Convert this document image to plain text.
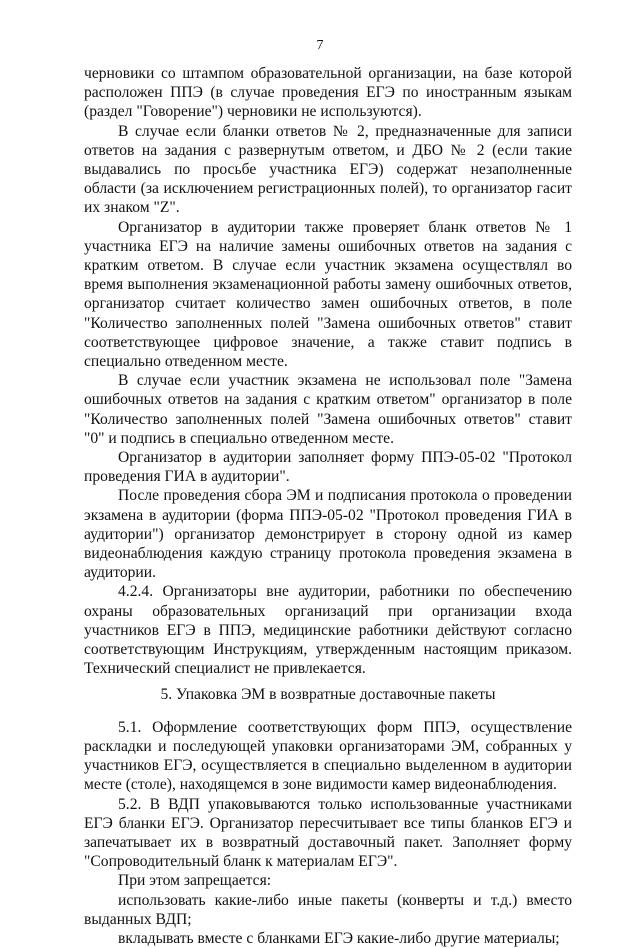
7

черновики со штампом образовательной организации, на базе которой расположен ППЭ (в случае проведения ЕГЭ по иностранным языкам (раздел "Говорение") черновики не используются).

В случае если бланки ответов № 2, предназначенные для записи ответов на задания с развернутым ответом, и ДБО № 2 (если такие выдавались по просьбе участника ЕГЭ) содержат незаполненные области (за исключением регистрационных полей), то организатор гасит их знаком "Z".

Организатор в аудитории также проверяет бланк ответов № 1 участника ЕГЭ на наличие замены ошибочных ответов на задания с кратким ответом. В случае если участник экзамена осуществлял во время выполнения экзаменационной работы замену ошибочных ответов, организатор считает количество замен ошибочных ответов, в поле "Количество заполненных полей "Замена ошибочных ответов" ставит соответствующее цифровое значение, а также ставит подпись в специально отведенном месте.

В случае если участник экзамена не использовал поле "Замена ошибочных ответов на задания с кратким ответом" организатор в поле "Количество заполненных полей "Замена ошибочных ответов" ставит "0" и подпись в специально отведенном месте.

Организатор в аудитории заполняет форму ППЭ-05-02 "Протокол проведения ГИА в аудитории".

После проведения сбора ЭМ и подписания протокола о проведении экзамена в аудитории (форма ППЭ-05-02 "Протокол проведения ГИА в аудитории") организатор демонстрирует в сторону одной из камер видеонаблюдения каждую страницу протокола проведения экзамена в аудитории.

4.2.4. Организаторы вне аудитории, работники по обеспечению охраны образовательных организаций при организации входа участников ЕГЭ в ППЭ, медицинские работники действуют согласно соответствующим Инструкциям, утвержденным настоящим приказом. Технический специалист не привлекается.

5. Упаковка ЭМ в возвратные доставочные пакеты

5.1. Оформление соответствующих форм ППЭ, осуществление раскладки и последующей упаковки организаторами ЭМ, собранных у участников ЕГЭ, осуществляется в специально выделенном в аудитории месте (столе), находящемся в зоне видимости камер видеонаблюдения.

5.2. В ВДП упаковываются только использованные участниками ЕГЭ бланки ЕГЭ. Организатор пересчитывает все типы бланков ЕГЭ и запечатывает их в возвратный доставочный пакет. Заполняет форму "Сопроводительный бланк к материалам ЕГЭ".

При этом запрещается:

использовать какие-либо иные пакеты (конверты и т.д.) вместо выданных ВДП;

вкладывать вместе с бланками ЕГЭ какие-либо другие материалы;
